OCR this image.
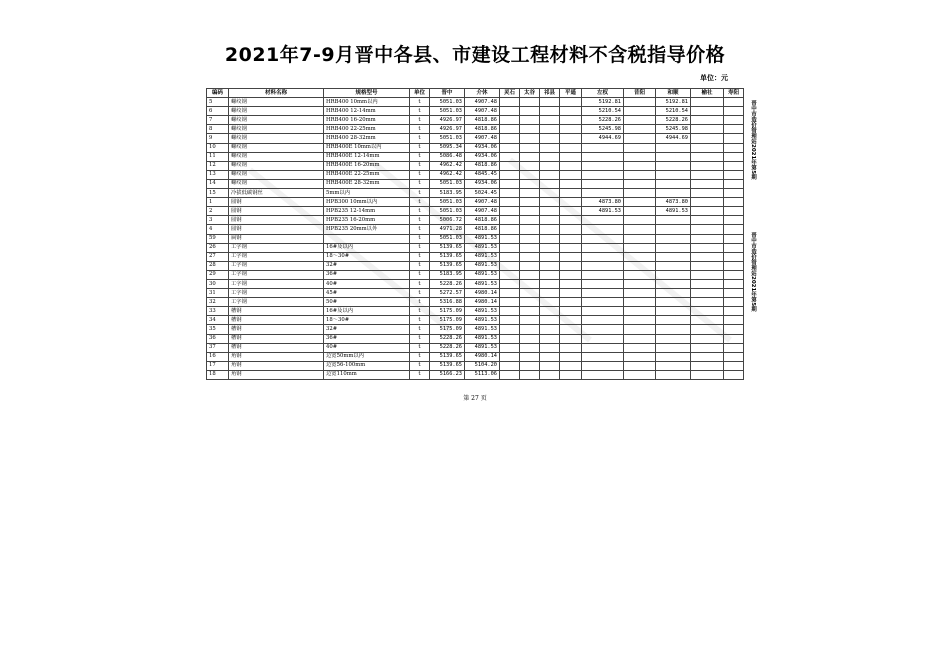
2021年7-9月晋中各县、市建设工程材料不含税指导价格
单位：元
编码	材料名称	规格型号	单位	晋中	介休	灵石	太谷	祁县	平遥	左权	昔阳	和顺	榆社	寿阳
5	螺纹钢	HRB400 10mm以内	t	5051.03	4907.48					5192.81		5192.81		
6	螺纹钢	HRB400 12-14mm	t	5051.03	4907.48					5210.54		5210.54		
7	螺纹钢	HRB400 16-20mm	t	4926.97	4818.86					5228.26		5228.26		
8	螺纹钢	HRB400 22-25mm	t	4926.97	4818.86					5245.98		5245.98		
9	螺纹钢	HRB400 28-32mm	t	5051.03	4907.48					4944.69		4944.69		
10	螺纹钢	HRB400E 10mm以内	t	5095.34	4934.06									
11	螺纹钢	HRB400E 12-14mm	t	5086.48	4934.06									
12	螺纹钢	HRB400E 16-20mm	t	4962.42	4818.86									
13	螺纹钢	HRB400E 22-25mm	t	4962.42	4845.45									
14	螺纹钢	HRB400E 28-32mm	t	5051.03	4934.06									
15	冷拔低碳钢丝	5mm以内	t	5183.95	5024.45									
1	圆钢	HPB300 10mm以内	t	5051.03	4907.48					4873.80		4873.80		
2	圆钢	HPB235 12-14mm	t	5051.03	4907.48					4891.53		4891.53		
3	圆钢	HPB235 16-20mm	t	5006.72	4818.86									
4	圆钢	HPB235 20mm以外	t	4971.28	4818.86									
59	扁钢		t	5051.03	4891.53									
26	工字钢	16#及以内	t	5139.65	4891.53									
27	工字钢	18～30#	t	5139.65	4891.53									
28	工字钢	32#	t	5139.65	4891.53									
29	工字钢	36#	t	5183.95	4891.53									
30	工字钢	40#	t	5228.26	4891.53									
31	工字钢	45#	t	5272.57	4980.14									
32	工字钢	50#	t	5316.88	4980.14									
33	槽钢	16#及以内	t	5175.09	4891.53									
34	槽钢	18～30#	t	5175.09	4891.53									
35	槽钢	32#	t	5175.09	4891.53									
36	槽钢	36#	t	5228.26	4891.53									
37	槽钢	40#	t	5228.26	4891.53									
16	角钢	边宽50mm以内	t	5139.65	4980.14									
17	角钢	边宽56-100mm	t	5139.65	5104.20									
18	角钢	边宽110mm	t	5166.23	5113.06									
晋中市造价管理站2021年第5期
晋中市造价管理站2021年第5期
第 27 页
